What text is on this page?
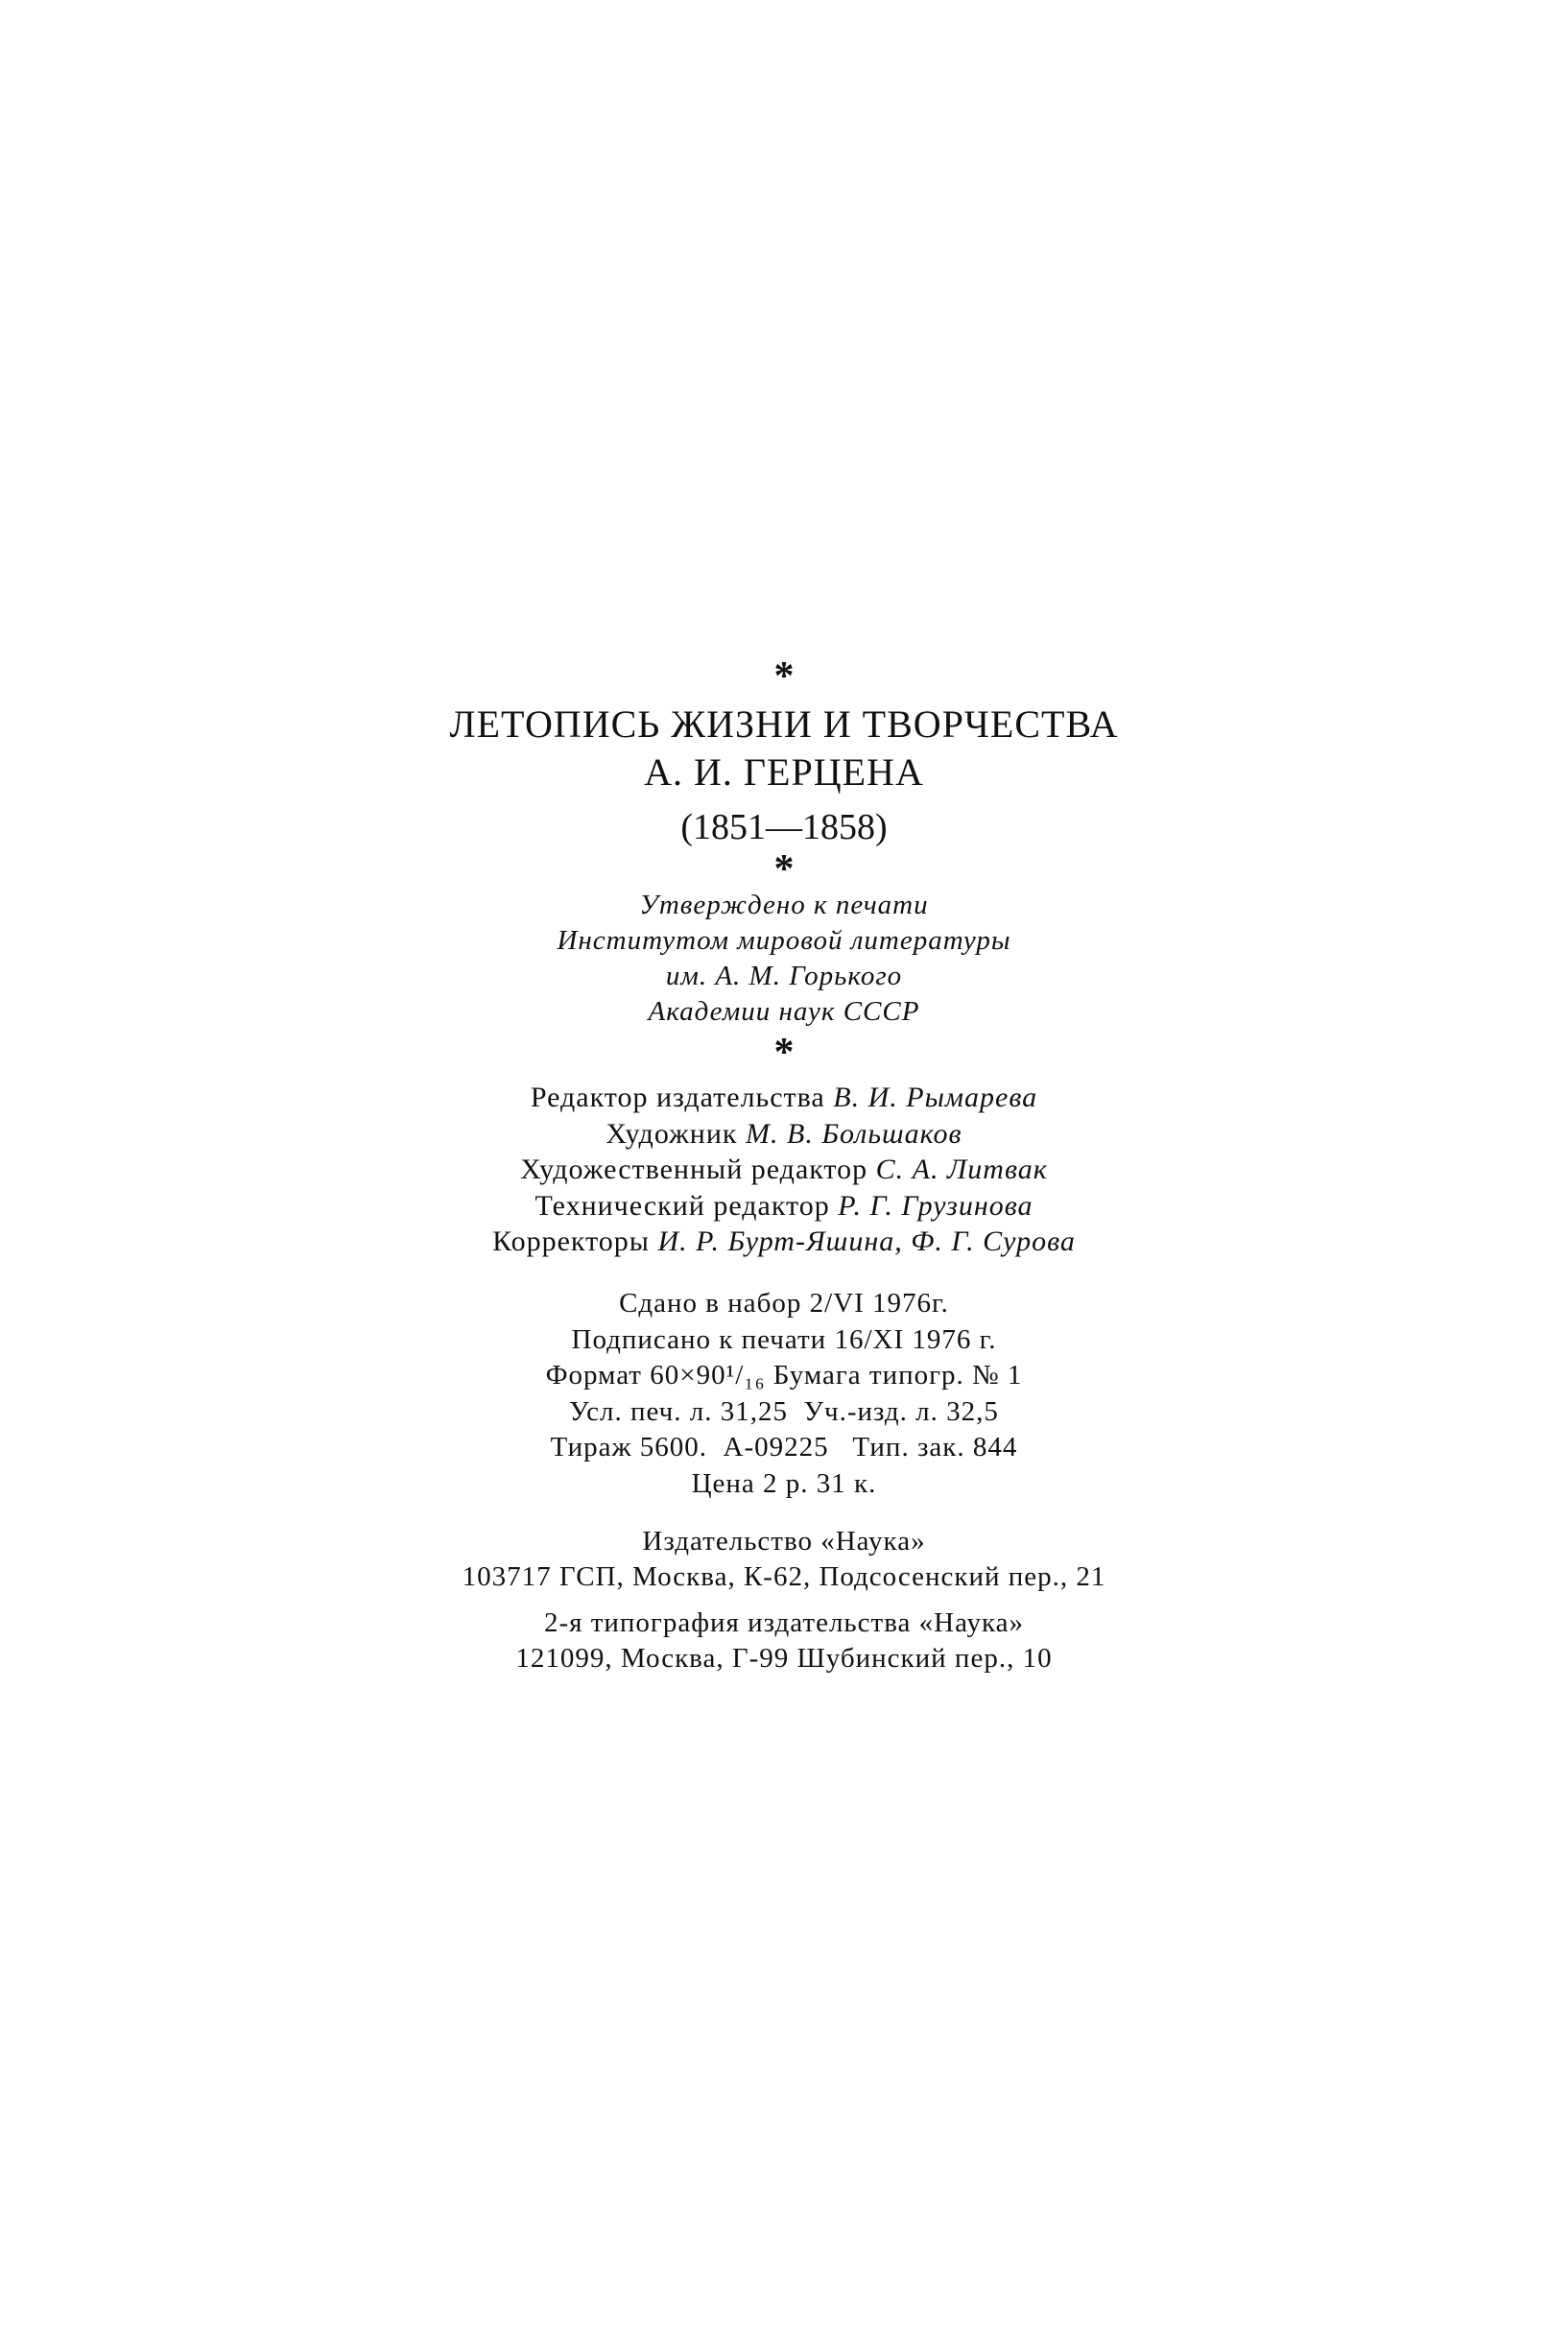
*
ЛЕТОПИСЬ ЖИЗНИ И ТВОРЧЕСТВА
А. И. ГЕРЦЕНА
(1851—1858)
*
Утверждено к печати
Институтом мировой литературы
им. А. М. Горького
Академии наук СССР
*
Редактор издательства В. И. Рымарева
Художник М. В. Большаков
Художественный редактор С. А. Литвак
Технический редактор Р. Г. Грузинова
Корректоры И. Р. Бурт-Яшина, Ф. Г. Сурова
Сдано в набор 2/VI 1976г.
Подписано к печати 16/XI 1976 г.
Формат 60×90¹/₁₆ Бумага типогр. № 1
Усл. печ. л. 31,25  Уч.-изд. л. 32,5
Тираж 5600.  А-09225   Тип. зак. 844
Цена 2 р. 31 к.
Издательство «Наука»
103717 ГСП, Москва, К-62, Подсосенский пер., 21
2-я типография издательства «Наука»
121099, Москва, Г-99 Шубинский пер., 10
